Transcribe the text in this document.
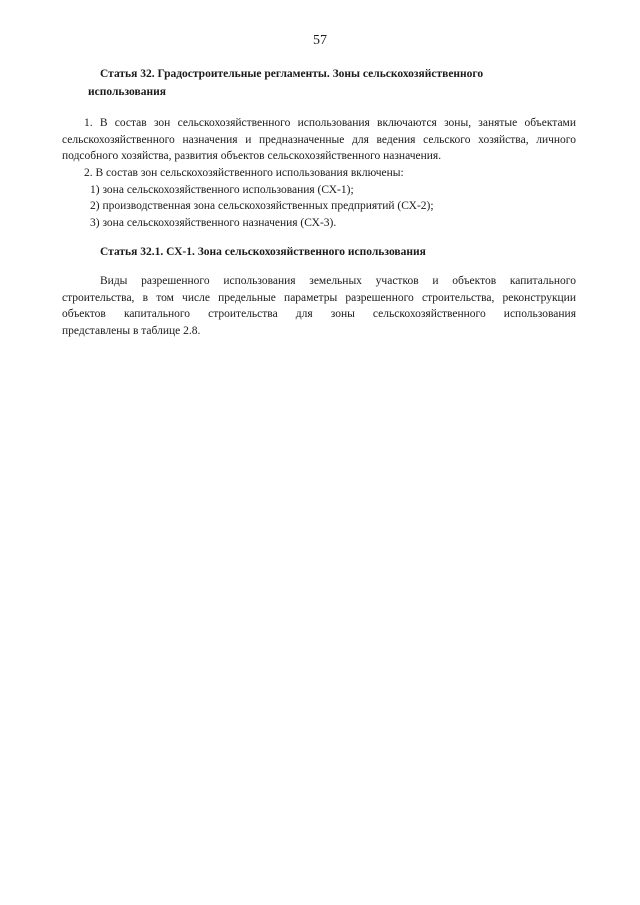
57
Статья 32. Градостроительные регламенты. Зоны сельскохозяйственного
использования
1. В состав зон сельскохозяйственного использования включаются зоны, занятые объектами
сельскохозяйственного назначения и предназначенные для ведения сельского хозяйства, личного
подсобного хозяйства, развития объектов сельскохозяйственного назначения.
2. В состав зон сельскохозяйственного использования включены:
1) зона сельскохозяйственного использования (СХ-1);
2) производственная зона сельскохозяйственных предприятий (СХ-2);
3) зона сельскохозяйственного назначения (СХ-3).
Статья 32.1. СХ-1. Зона сельскохозяйственного использования
Виды разрешенного использования земельных участков и объектов капитального
строительства, в том числе предельные параметры разрешенного строительства, реконструкции
объектов капитального строительства для зоны сельскохозяйственного использования
представлены в таблице 2.8.
